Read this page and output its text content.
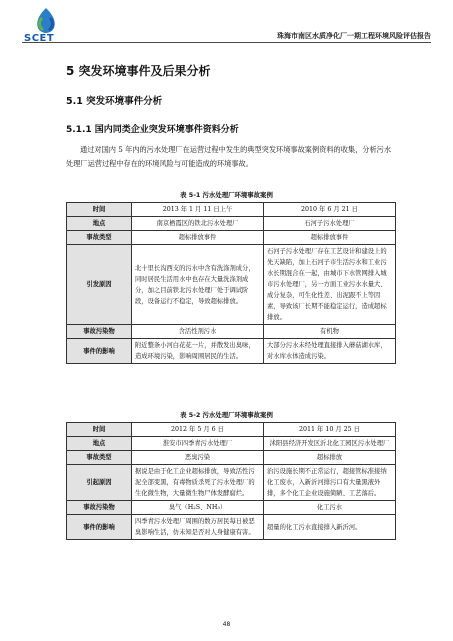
SCET	珠海市南区水质净化厂一期工程环境风险评估报告
5 突发环境事件及后果分析
5.1 突发环境事件分析
5.1.1 国内同类企业突发环境事件资料分析
通过对国内 5 年内的污水处理厂在运营过程中发生的典型突发环境事故案例资料的收集，分析污水处理厂运营过程中存在的环境风险与可能造成的环境事故。
表 5-1 污水处理厂环境事故案例
时间	2013 年 1 月 11 日上午	2010 年 6 月 21 日
地点	南京栖霞区的铁北污水处理厂	石河子污水处理厂
事故类型	超标排放事件	超标排放事件
引发原因	北十里长沟西支的污水中含有洗涤剂成分，同时居民生活用水中也存在大量洗涤剂成分，加之目前铁北污水处理厂处于调试阶段，设备运行不稳定，导致超标排放。	石河子污水处理厂存在工艺设计和建设上的先天缺陷，加上石河子市生活污水和工业污水长期混合在一起，由城市下水管网排入城市污水处理厂，另一方面工业污水水量大、成分复杂，可生化性差、出泥跟不上等因素，导致该厂长期不能稳定运行，造成超标排放。
事故污染物	含活性剂污水	有机物
事件的影响	附近整条小河白花花一片，并散发出臭味，造成环境污染，影响周围居民的生活。	大部分污水未经处理直接排入蘑菇湖水库，对水库水体造成污染。
表 5-2 污水处理厂环境事故案例
时间	2012 年 5 月 6 日	2011 年 10 月 25 日
地点	淮安市四季青污水处理厂	沭阳县经济开发区沂北化工园区污水处理厂
事故类型	恶臭污染	超标排放
引起原因	据说是由于化工企业超标排放，导致活性污泥全部变黑，有毒物质杀死了污水处理厂的生化微生物，大量微生物尸体发酵腐烂。	治污设施长期不正常运行，超接管标准接纳化工废水，入新沂河排污口有大量黑液外排，多个化工企业设施简陋、工艺落后。
事故污染物	臭气（H₂S、NH₃）	化工污水
事件的影响	四季青污水处理厂周围的数万居民每日被恶臭影响生活，仿未知是否对人身健康有害。	超量的化工污水直接排入新沂河。
48
